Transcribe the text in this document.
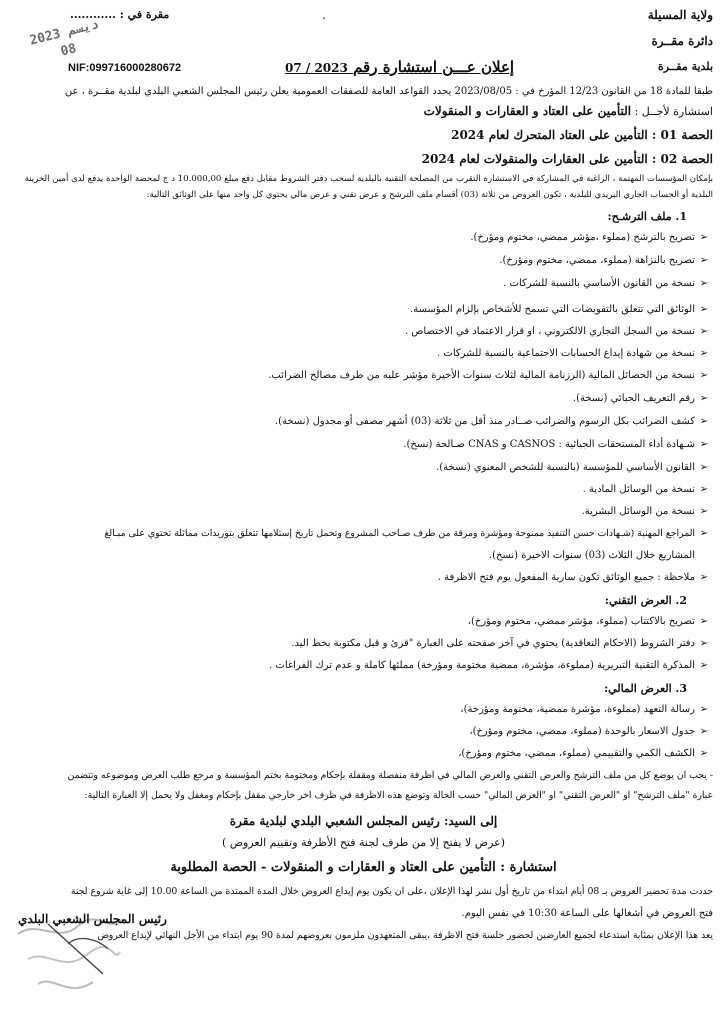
ولاية المسيلة
دائرة مقــرة
بلدية مقــرة
مقرة في : ............	.
2023 دیسم 08
NIF:099716000280672	إعلان عـــن استشارة رقم 07 / 2023
طبقا للمادة 18 من القانون 12/23 المؤرخ في : 2023/08/05 يحدد القواعد العامة للصفقات العمومية يعلن رئيس المجلس الشعبي البلدي لبلدية مقــرة ، عن
استشارة لأجــل : التأمين على العتاد و العقارات و المنقولات
الحصة 01 : التأمين على العتاد المتحرك لعام 2024
الحصة 02 : التأمين على العقارات والمنقولات لعام 2024
بإمكان المؤسسات المهتمة ، الراغبة في المشاركة في الاستشارة التقرب من المصلحة التقنية بالبلدية لسحب دفتر الشروط مقابل دفع مبلغ 10.000,00 د ج لمحصة الواحدة يدفع لدى أمين الخزينة
البلدية أو الحساب الجاري البريدي للبلدية ، تكون العروض من ثلاثة (03) أقسام ملف الترشح و عرض تقني و عرض مالي يحتوي كل واحد منها على الوثائق التالية:
1. ملف الترشـح:
➢تصريح بالترشح (مملوء ،مؤشر ممضي، مختوم ومؤرخ).
➢تصريح بالنزاهة (مملوء، ممضي، مختوم ومؤرخ).
➢نسخة من القانون الأساسي بالنسبة للشركات .
➢الوثائق التي تتعلق بالتفويضات التي تسمح للأشخاص بإلزام المؤسسة.
➢نسخة من السجل التجاري الالكتروني ، او قرار الاعتماد في الاختصاص .
➢نسخة من شهادة إيداع الحسابات الاجتماعية بالنسبة للشركات .
➢نسخة من الحصائل المالية (الرزنامة المالية لثلاث سنوات الأخيرة مؤشر عليه من طرف مصالح الضرائب.
➢رقم التعريف الجبائي (نسخة).
➢كشف الضرائب بكل الرسوم والضرائب صــادر منذ أقل من ثلاثة (03) أشهر مصفى أو مجدول (نسخة).
➢شـهادة أداء المستحقات الجبائية : CASNOS و CNAS صـالحة (نسخ).
➢القانون الأساسي للمؤسسة (بالنسبة للشخص المعنوي (نسخة).
➢نسخة من الوسائل المادية .
➢نسخة من الوسائل البشرية.
➢المراجع المهنية (شـهادات حسن التنفيذ ممنوحة ومؤشرة ومرقة من طرف صـاحب المشروع وتحمل تاريخ إستلامها تتعلق بتوريدات مماثلة تحتوي على مبـالغ
المشاريع خلال الثلاث (03) سنوات الاخيرة (نسخ).
➢ملاحظة : جميع الوثائق تكون سارية المفعول يوم فتح الاظرفة .
2. العرض التقني:
➢تصريح بالاكتتاب (مملوء، مؤشر ممضي، مختوم ومؤرخ)،
➢دفتر الشروط (الاحكام التعاقدية) يحتوي في آخر صفحته على العبارة "قرئ و قبل مكتوبة بخط اليد.
➢المذكرة التقنية التبريرية (مملوءة، مؤشرة، ممضية مختومة ومؤرخة) مملئها كاملة و عدم ترك الفراغات .
3. العرض المالي:
➢رسالة التعهد (مملوءة، مؤشرة ممضية، مختومة ومؤرخة)،
➢جدول الاسعار بالوحدة (مملوء، ممضي، مختوم ومؤرخ)،
➢الكشف الكمي والتقييمي (مملوء، ممضي، مختوم ومؤرخ)،
- يجب ان يوضع كل من ملف الترشح والعرض التقني والعرض المالي في اظرفة منفصلة ومقفلة بإحكام ومختومة بختم المؤسسة و مرجع طلب العرض وموضوعه وتتضمن
عبارة "ملف الترشح" او "العرض التقني" او "العرض المالي" حسب الحالة وتوضع هذه الاظرفة في ظرف اخر خارجي مقفل بإحكام ومغفل ولا يحمل إلا العبارة التالية:
إلى السيد: رئيس المجلس الشعبي البلدي لبلدية مقرة
(عرض لا يفتح إلا من طرف لجنة فتح الأظرفة وتقييم العروض )
استشارة : التأمين على العتاد و العقارات و المنقولات - الحصة المطلوبة
حددت مدة تحضير العروض بـ 08 أيام ابتداء من تاريخ أول نشر لهذا الإعلان ،على ان يكون يوم إيداع العروض خلال المدة الممتدة من الساعة 10.00 إلى غاية شروع لجنة
فتح العروض في أشغالها على الساعة 10:30 في نفس اليوم.
يعد هذا الإعلان بمثابة استدعاء لجميع العارضين لحضور جلسة فتح الاظرفة ،يبقى المتعهدون ملزمون بعروضهم لمدة 90 يوم ابتداء من الأجل النهائي لإيداع العروض
رئيس المجلس الشعبي البلدي
